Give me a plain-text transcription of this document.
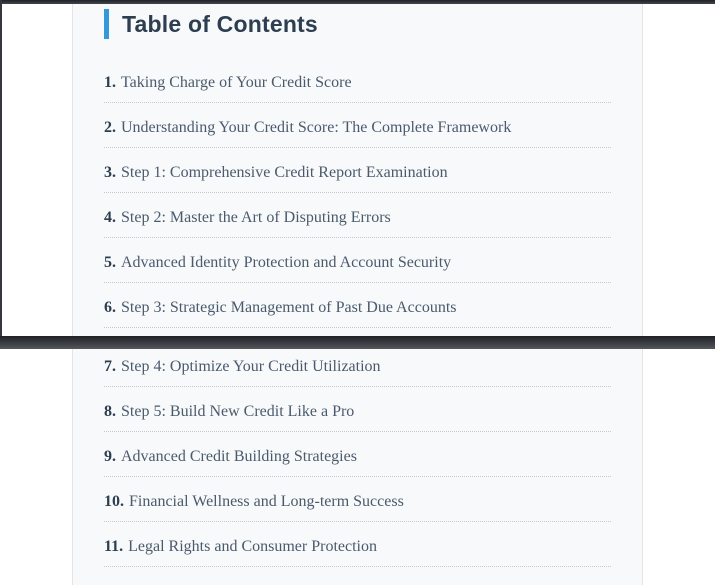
Table of Contents
1. Taking Charge of Your Credit Score
2. Understanding Your Credit Score: The Complete Framework
3. Step 1: Comprehensive Credit Report Examination
4. Step 2: Master the Art of Disputing Errors
5. Advanced Identity Protection and Account Security
6. Step 3: Strategic Management of Past Due Accounts
7. Step 4: Optimize Your Credit Utilization
8. Step 5: Build New Credit Like a Pro
9. Advanced Credit Building Strategies
10. Financial Wellness and Long-term Success
11. Legal Rights and Consumer Protection
